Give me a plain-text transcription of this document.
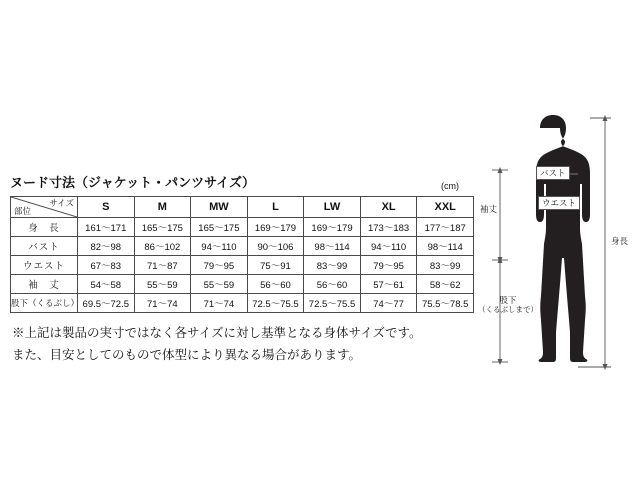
ヌード寸法（ジャケット・パンツサイズ）	(cm)
サイズ
部位	S	M	MW	L	LW	XL	XXL
身　長	161〜171	165〜175	165〜175	169〜179	169〜179	173〜183	177〜187
バスト	82〜98	86〜102	94〜110	90〜106	98〜114	94〜110	98〜114
ウエスト	67〜83	71〜87	79〜95	75〜91	83〜99	79〜95	83〜99
袖　丈	54〜58	55〜59	55〜59	56〜60	56〜60	57〜61	58〜62
股下（くるぶし）	69.5〜72.5	71〜74	71〜74	72.5〜75.5	72.5〜75.5	74〜77	75.5〜78.5
※上記は製品の実寸ではなく各サイズに対し基準となる身体サイズです。
また、目安としてのもので体型により異なる場合があります。
バスト
ウエスト
袖丈
身長
股下
（くるぶしまで）
